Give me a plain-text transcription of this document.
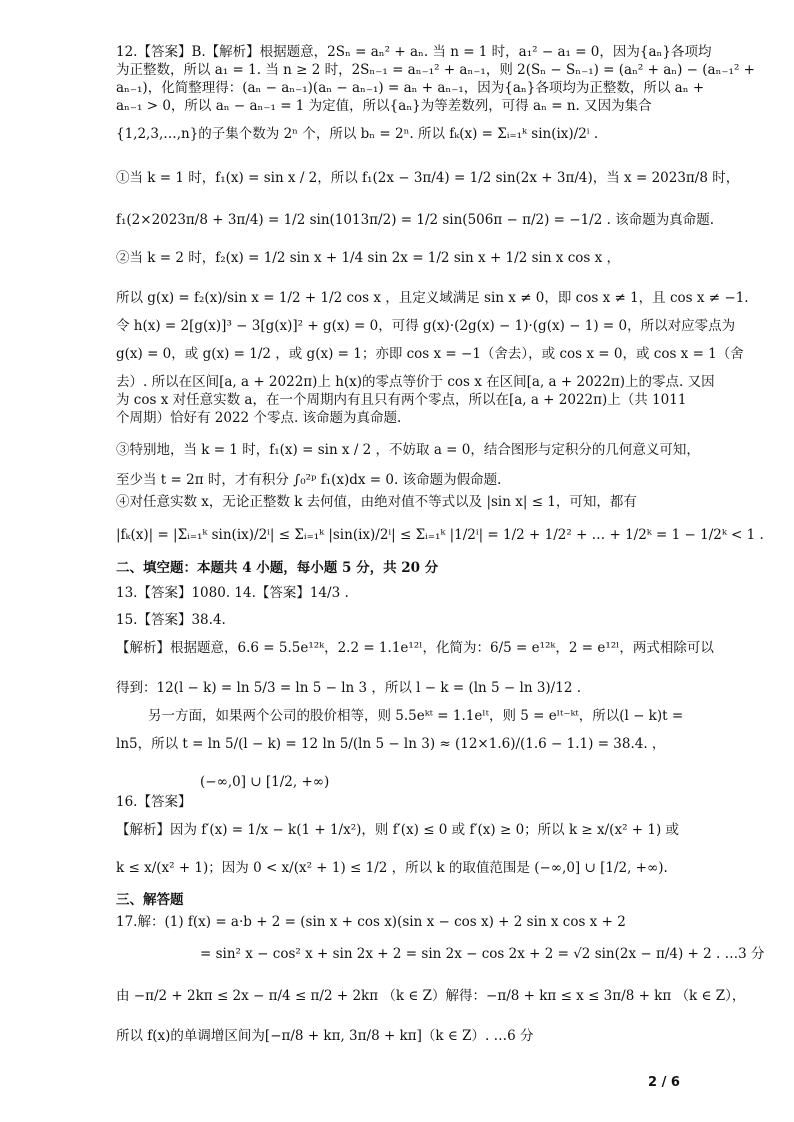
12.【答案】B.【解析】根据题意，2Sₙ = aₙ² + aₙ. 当 n = 1 时，a₁² − a₁ = 0，因为{aₙ}各项均
为正整数，所以 a₁ = 1. 当 n ≥ 2 时，2Sₙ₋₁ = aₙ₋₁² + aₙ₋₁，则 2(Sₙ − Sₙ₋₁) = (aₙ² + aₙ) − (aₙ₋₁² +
aₙ₋₁)，化简整理得：(aₙ − aₙ₋₁)(aₙ − aₙ₋₁) = aₙ + aₙ₋₁，因为{aₙ}各项均为正整数，所以 aₙ +
aₙ₋₁ > 0，所以 aₙ − aₙ₋₁ = 1 为定值，所以{aₙ}为等差数列，可得 aₙ = n. 又因为集合
{1,2,3,…,n}的子集个数为 2ⁿ 个，所以 bₙ = 2ⁿ. 所以 fₖ(x) = Σᵢ₌₁ᵏ sin(ix)/2ⁱ .
①当 k = 1 时，f₁(x) = sin x / 2，所以 f₁(2x − 3π/4) = 1/2 sin(2x + 3π/4)，当 x = 2023π/8 时，
f₁(2×2023π/8 + 3π/4) = 1/2 sin(1013π/2) = 1/2 sin(506π − π/2) = −1/2 . 该命题为真命题.
②当 k = 2 时，f₂(x) = 1/2 sin x + 1/4 sin 2x = 1/2 sin x + 1/2 sin x cos x ，
所以 g(x) = f₂(x)/sin x = 1/2 + 1/2 cos x ，且定义域满足 sin x ≠ 0，即 cos x ≠ 1，且 cos x ≠ −1.
令 h(x) = 2[g(x)]³ − 3[g(x)]² + g(x) = 0，可得 g(x)·(2g(x) − 1)·(g(x) − 1) = 0，所以对应零点为
g(x) = 0，或 g(x) = 1/2 ，或 g(x) = 1；亦即 cos x = −1（舍去），或 cos x = 0，或 cos x = 1（舍
去）. 所以在区间[a, a + 2022π)上 h(x)的零点等价于 cos x 在区间[a, a + 2022π)上的零点. 又因
为 cos x 对任意实数 a，在一个周期内有且只有两个零点，所以在[a, a + 2022π)上（共 1011
个周期）恰好有 2022 个零点. 该命题为真命题.
③特别地，当 k = 1 时，f₁(x) = sin x / 2 ，不妨取 a = 0，结合图形与定积分的几何意义可知，
至少当 t = 2π 时，才有积分 ∫₀²ᵖ f₁(x)dx = 0. 该命题为假命题.
④对任意实数 x，无论正整数 k 去何值，由绝对值不等式以及 |sin x| ≤ 1，可知，都有
|fₖ(x)| = |Σᵢ₌₁ᵏ sin(ix)/2ⁱ| ≤ Σᵢ₌₁ᵏ |sin(ix)/2ⁱ| ≤ Σᵢ₌₁ᵏ |1/2ⁱ| = 1/2 + 1/2² + … + 1/2ᵏ = 1 − 1/2ᵏ < 1 .
二、填空题：本题共 4 小题，每小题 5 分，共 20 分
13.【答案】1080. 14.【答案】14/3 .
15.【答案】38.4.
【解析】根据题意，6.6 = 5.5e¹²ᵏ，2.2 = 1.1e¹²ˡ，化简为：6/5 = e¹²ᵏ，2 = e¹²ˡ，两式相除可以
得到：12(l − k) = ln 5/3 = ln 5 − ln 3 ，所以 l − k = (ln 5 − ln 3)/12 .
另一方面，如果两个公司的股价相等，则 5.5eᵏᵗ = 1.1eˡᵗ，则 5 = eˡᵗ⁻ᵏᵗ，所以(l − k)t =
ln5，所以 t = ln 5/(l − k) = 12 ln 5/(ln 5 − ln 3) ≈ (12×1.6)/(1.6 − 1.1) = 38.4. ，
(−∞,0] ∪ [1/2, +∞)
16.【答案】
【解析】因为 f′(x) = 1/x − k(1 + 1/x²)，则 f′(x) ≤ 0 或 f′(x) ≥ 0；所以 k ≥ x/(x² + 1) 或
k ≤ x/(x² + 1)；因为 0 < x/(x² + 1) ≤ 1/2 ，所以 k 的取值范围是 (−∞,0] ∪ [1/2, +∞).
三、解答题
17.解：(1) f(x) = a·b + 2 = (sin x + cos x)(sin x − cos x) + 2 sin x cos x + 2
= sin² x − cos² x + sin 2x + 2 = sin 2x − cos 2x + 2 = √2 sin(2x − π/4) + 2 . …3 分
由 −π/2 + 2kπ ≤ 2x − π/4 ≤ π/2 + 2kπ （k ∈ Z）解得：−π/8 + kπ ≤ x ≤ 3π/8 + kπ （k ∈ Z），
所以 f(x)的单调增区间为[−π/8 + kπ, 3π/8 + kπ]（k ∈ Z）. …6 分
2 / 6
